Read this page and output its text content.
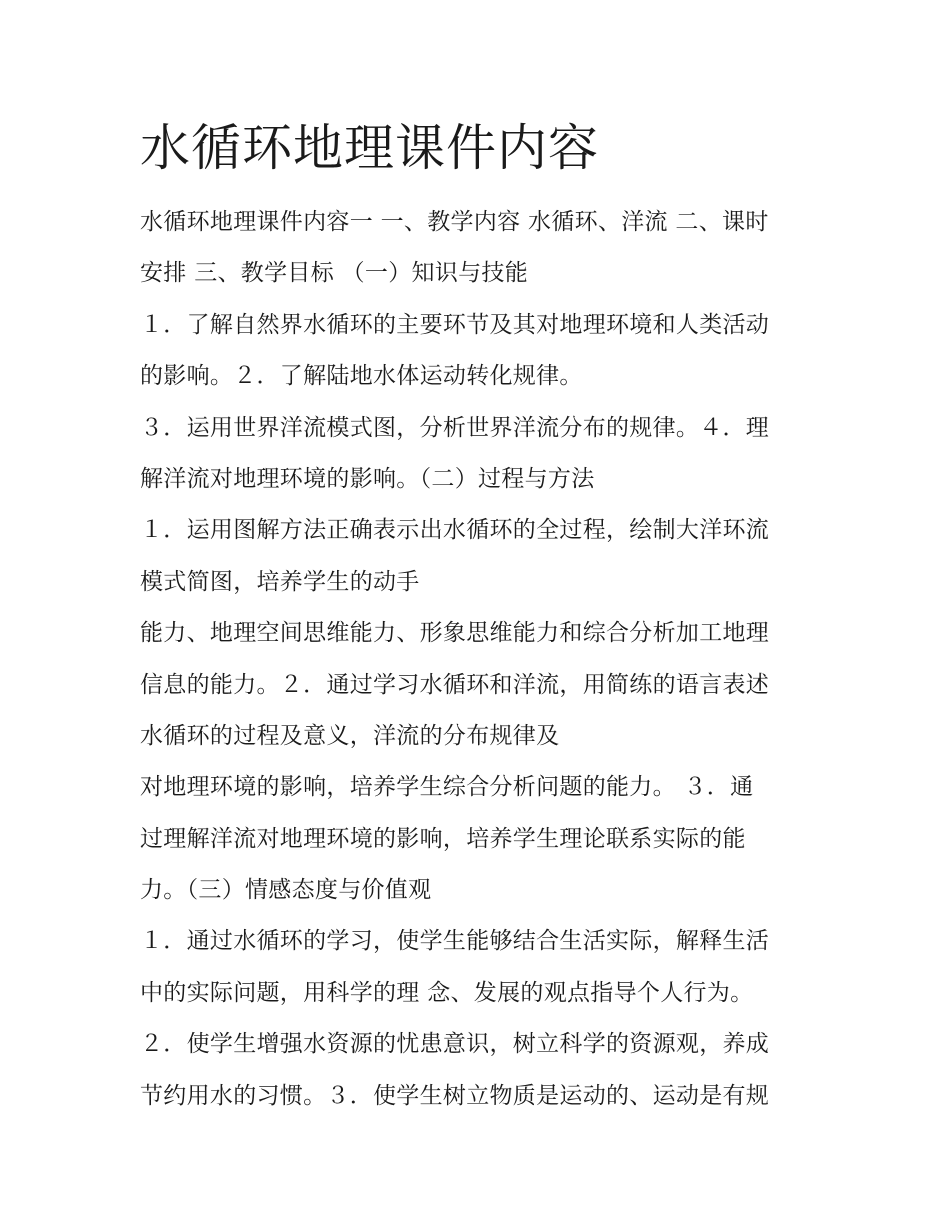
水循环地理课件内容
水循环地理课件内容一 一、教学内容 水循环、洋流 二、课时
安排 三、教学目标 （一）知识与技能
１．了解自然界水循环的主要环节及其对地理环境和人类活动
的影响。２．了解陆地水体运动转化规律。
３．运用世界洋流模式图，分析世界洋流分布的规律。４．理
解洋流对地理环境的影响。（二）过程与方法
１．运用图解方法正确表示出水循环的全过程，绘制大洋环流
模式简图，培养学生的动手
能力、地理空间思维能力、形象思维能力和综合分析加工地理
信息的能力。２．通过学习水循环和洋流，用简练的语言表述
水循环的过程及意义，洋流的分布规律及
对地理环境的影响，培养学生综合分析问题的能力。 ３．通
过理解洋流对地理环境的影响，培养学生理论联系实际的能
力。（三）情感态度与价值观
１．通过水循环的学习，使学生能够结合生活实际，解释生活
中的实际问题，用科学的理 念、发展的观点指导个人行为。
２．使学生增强水资源的忧患意识，树立科学的资源观，养成
节约用水的习惯。３．使学生树立物质是运动的、运动是有规
